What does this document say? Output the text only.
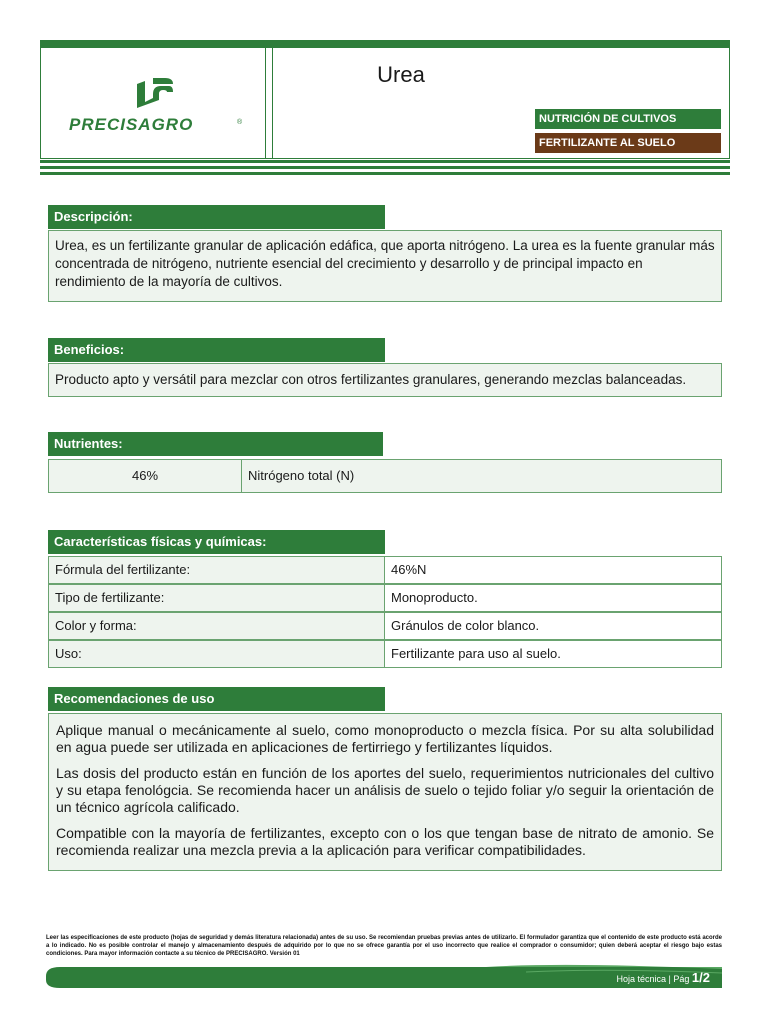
PRECISAGRO	®
Urea
NUTRICIÓN DE CULTIVOS
FERTILIZANTE AL SUELO
Descripción:
Urea, es un fertilizante granular de aplicación edáfica, que aporta nitrógeno. La urea es la fuente granular más concentrada de nitrógeno, nutriente esencial del crecimiento y desarrollo y de principal impacto en rendimiento de la mayoría de cultivos.
Beneficios:
Producto apto y versátil para mezclar con otros fertilizantes granulares, generando mezclas balanceadas.
Nutrientes:
46%	Nitrógeno total (N)
Características físicas y químicas:
Fórmula del fertilizante:	46%N
Tipo de fertilizante:	Monoproducto.
Color y forma:	Gránulos de color blanco.
Uso:	Fertilizante para uso al suelo.
Recomendaciones de uso

Aplique manual o mecánicamente al suelo, como monoproducto o mezcla física. Por su alta solubilidad en agua puede ser utilizada en aplicaciones de fertirriego y fertilizantes líquidos.

Las dosis del producto están en función de los aportes del suelo, requerimientos nutricionales del cultivo y su etapa fenológcia. Se recomienda hacer un análisis de suelo o tejido foliar y/o seguir la orientación de un técnico agrícola calificado.

Compatible con la mayoría de fertilizantes, excepto con o los que tengan base de nitrato de amonio. Se recomienda realizar una mezcla previa a la aplicación para verificar compatibilidades.

Leer las especificaciones de este producto (hojas de seguridad y demás literatura relacionada) antes de su uso. Se recomiendan pruebas previas antes de utilizarlo. El formulador garantiza que el contenido de este producto está acorde a lo indicado. No es posible controlar el manejo y almacenamiento después de adquirido por lo que no se ofrece garantía por el uso incorrecto que realice el comprador o consumidor; quien deberá aceptar el riesgo bajo estas condiciones. Para mayor información contacte a su técnico de PRECISAGRO. Versión 01
Hoja técnica | Pág 1/2
